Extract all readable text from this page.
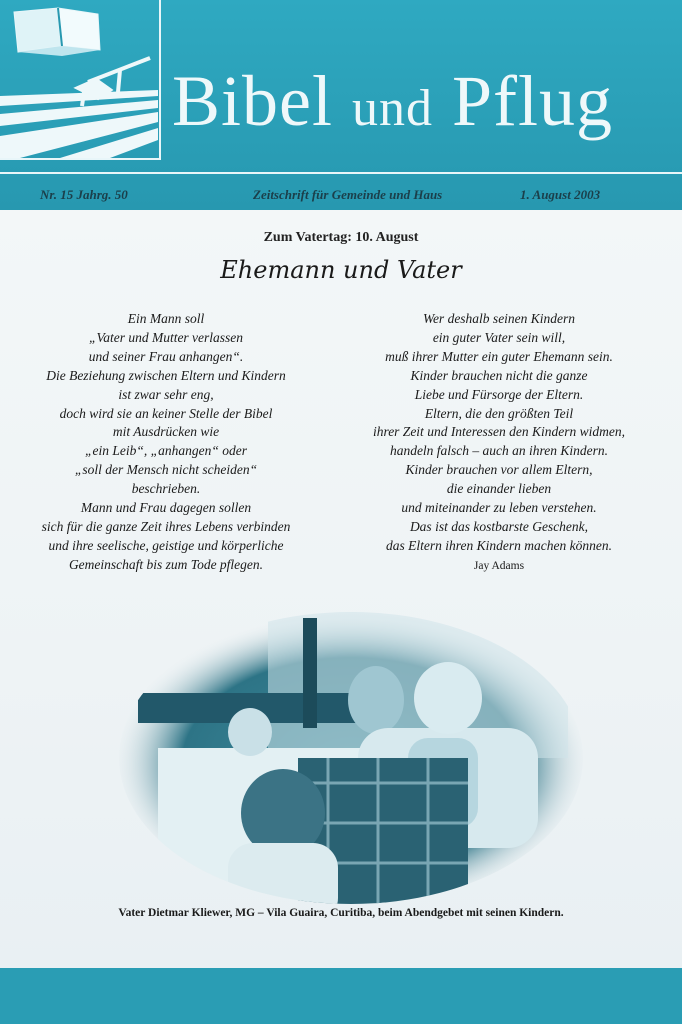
Bibel und Pflug
Nr. 15 Jahrg. 50	Zeitschrift für Gemeinde und Haus	1. August 2003
Zum Vatertag: 10. August
Ehemann und Vater
Ein Mann soll
„Vater und Mutter verlassen
und seiner Frau anhangen“.
Die Beziehung zwischen Eltern und Kindern
ist zwar sehr eng,
doch wird sie an keiner Stelle der Bibel
mit Ausdrücken wie
„ein Leib“, „anhangen“ oder
„soll der Mensch nicht scheiden“
beschrieben.
Mann und Frau dagegen sollen
sich für die ganze Zeit ihres Lebens verbinden
und ihre seelische, geistige und körperliche
Gemeinschaft bis zum Tode pflegen.
Wer deshalb seinen Kindern
ein guter Vater sein will,
muß ihrer Mutter ein guter Ehemann sein.
Kinder brauchen nicht die ganze
Liebe und Fürsorge der Eltern.
Eltern, die den größten Teil
ihrer Zeit und Interessen den Kindern widmen,
handeln falsch – auch an ihren Kindern.
Kinder brauchen vor allem Eltern,
die einander lieben
und miteinander zu leben verstehen.
Das ist das kostbarste Geschenk,
das Eltern ihren Kindern machen können.
Jay Adams
Vater Dietmar Kliewer, MG – Vila Guaira, Curitiba, beim Abendgebet mit seinen Kindern.
